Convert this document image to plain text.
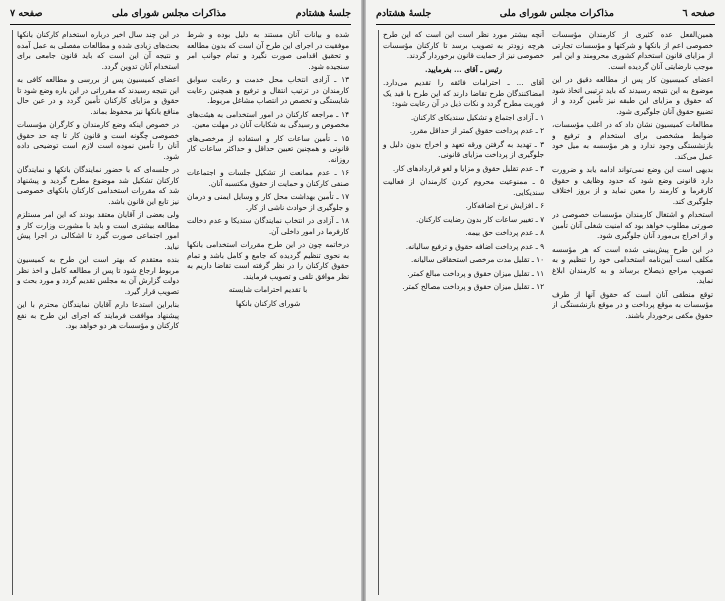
جلسهٔ هشتادم
مذاکرات مجلس شورای ملی
صفحه ۷

شده و بیانات آنان مستند به دلیل بوده و شرط موفقیت در اجرای این طرح آن است که بدون مطالعه و تحقیق اقدامی صورت نگیرد و تمام جوانب امر سنجیده شود.

۱۳ ـ آزادی انتخاب محل خدمت و رعایت سوابق کارمندان در ترتیب انتقال و ترفیع و همچنین رعایت شایستگی و تخصص در انتصاب مشاغل مربوط.

۱۴ ـ مراجعه کارکنان در امور استخدامی به هیئت‌های مخصوص و رسیدگی به شکایات آنان در مهلت معین.

۱۵ ـ تأمین ساعات کار و استفاده از مرخصی‌های قانونی و همچنین تعیین حداقل و حداکثر ساعات کار روزانه.

۱۶ ـ عدم ممانعت از تشکیل جلسات و اجتماعات صنفی کارکنان و حمایت از حقوق مکتسبه آنان.

۱۷ ـ تأمین بهداشت محل کار و وسایل ایمنی و درمان و جلوگیری از حوادث ناشی از کار.

۱۸ ـ آزادی در انتخاب نمایندگان سندیکا و عدم دخالت کارفرما در امور داخلی آن.

درخاتمه چون در این طرح مقررات استخدامی بانکها به نحوی تنظیم گردیده که جامع و کامل باشد و تمام حقوق کارکنان را در نظر گرفته است تقاضا داریم به نظر موافق تلقی و تصویب فرمایند.

با تقدیم احترامات شایسته

شورای کارکنان بانکها

در این چند سال اخیر درباره استخدام کارکنان بانکها بحث‌های زیادی شده و مطالعات مفصلی به عمل آمده و نتیجه آن این است که باید قانون جامعی برای استخدام آنان تدوین گردد.

اعضای کمیسیون پس از بررسی و مطالعه کافی به این نتیجه رسیدند که مقرراتی در این باره وضع شود تا حقوق و مزایای کارکنان تأمین گردد و در عین حال منافع بانکها نیز محفوظ بماند.

در خصوص اینکه وضع کارمندان و کارگران مؤسسات خصوصی چگونه است و قانون کار تا چه حد حقوق آنان را تأمین نموده است لازم است توضیحی داده شود.

در جلسه‌ای که با حضور نمایندگان بانکها و نمایندگان کارکنان تشکیل شد موضوع مطرح گردید و پیشنهاد شد که مقررات استخدامی کارکنان بانکهای خصوصی نیز تابع این قانون باشد.

ولی بعضی از آقایان معتقد بودند که این امر مستلزم مطالعه بیشتری است و باید با مشورت وزارت کار و امور اجتماعی صورت گیرد تا اشکالی در اجرا پیش نیاید.

بنده معتقدم که بهتر است این طرح به کمیسیون مربوط ارجاع شود تا پس از مطالعه کامل و اخذ نظر دولت گزارش آن به مجلس تقدیم گردد و مورد بحث و تصویب قرار گیرد.

بنابراین استدعا دارم آقایان نمایندگان محترم با این پیشنهاد موافقت فرمایند که اجرای این طرح به نفع کارکنان و مؤسسات هر دو خواهد بود.

صفحه ٦
مذاکرات مجلس شورای ملی
جلسهٔ هشتادم

همین‌الفعل عده کثیری از کارمندان مؤسسات خصوصی اعم از بانکها و شرکتها و مؤسسات تجارتی از مزایای قانون استخدام کشوری محرومند و این امر موجب نارضایتی آنان گردیده است.

اعضای کمیسیون کار پس از مطالعه دقیق در این موضوع به این نتیجه رسیدند که باید ترتیبی اتخاذ شود که حقوق و مزایای این طبقه نیز تأمین گردد و از تضییع حقوق آنان جلوگیری شود.

مطالعات کمیسیون نشان داد که در اغلب مؤسسات، ضوابط مشخصی برای استخدام و ترفیع و بازنشستگی وجود ندارد و هر مؤسسه به میل خود عمل می‌کند.

بدیهی است این وضع نمی‌تواند ادامه یابد و ضرورت دارد قانونی وضع شود که حدود وظایف و حقوق کارفرما و کارمند را معین نماید و از بروز اختلاف جلوگیری کند.

استخدام و اشتغال کارمندان مؤسسات خصوصی در صورتی مطلوب خواهد بود که امنیت شغلی آنان تأمین و از اخراج بی‌مورد آنان جلوگیری شود.

در این طرح پیش‌بینی شده است که هر مؤسسه مکلف است آیین‌نامه استخدامی خود را تنظیم و به تصویب مراجع ذیصلاح برساند و به کارمندان ابلاغ نماید.

توقع منطقی آنان است که حقوق آنها از طرف مؤسسات به موقع پرداخت و در موقع بازنشستگی از حقوق مکفی برخوردار باشند.

آنچه بیشتر مورد نظر است این است که این طرح هرچه زودتر به تصویب برسد تا کارکنان مؤسسات خصوصی نیز از حمایت قانون برخوردار گردند.

رئیس ـ آقای ... بفرمایید.

آقای ... ـ احترامات فائقه را تقدیم می‌دارد. امضاکنندگان طرح تقاضا دارند که این طرح با قید یک فوریت مطرح گردد و نکات ذیل در آن رعایت شود:

۱ ـ آزادی اجتماع و تشکیل سندیکای کارکنان.

۲ ـ عدم پرداخت حقوق کمتر از حداقل مقرر.

۳ ـ تهدید به گرفتن ورقه تعهد و اخراج بدون دلیل و جلوگیری از پرداخت مزایای قانونی.

۴ ـ عدم تقلیل حقوق و مزایا و لغو قراردادهای کار.

۵ ـ ممنوعیت محروم کردن کارمندان از فعالیت سندیکایی.

۶ ـ افزایش نرخ اضافه‌کار.

۷ ـ تغییر ساعات کار بدون رضایت کارکنان.

۸ ـ عدم پرداخت حق بیمه.

۹ ـ عدم پرداخت اضافه حقوق و ترفیع سالیانه.

۱۰ ـ تقلیل مدت مرخصی استحقاقی سالیانه.

۱۱ ـ تقلیل میزان حقوق و پرداخت مبالغ کمتر.

۱۲ ـ تقلیل میزان حقوق و پرداخت مصالح کمتر.
